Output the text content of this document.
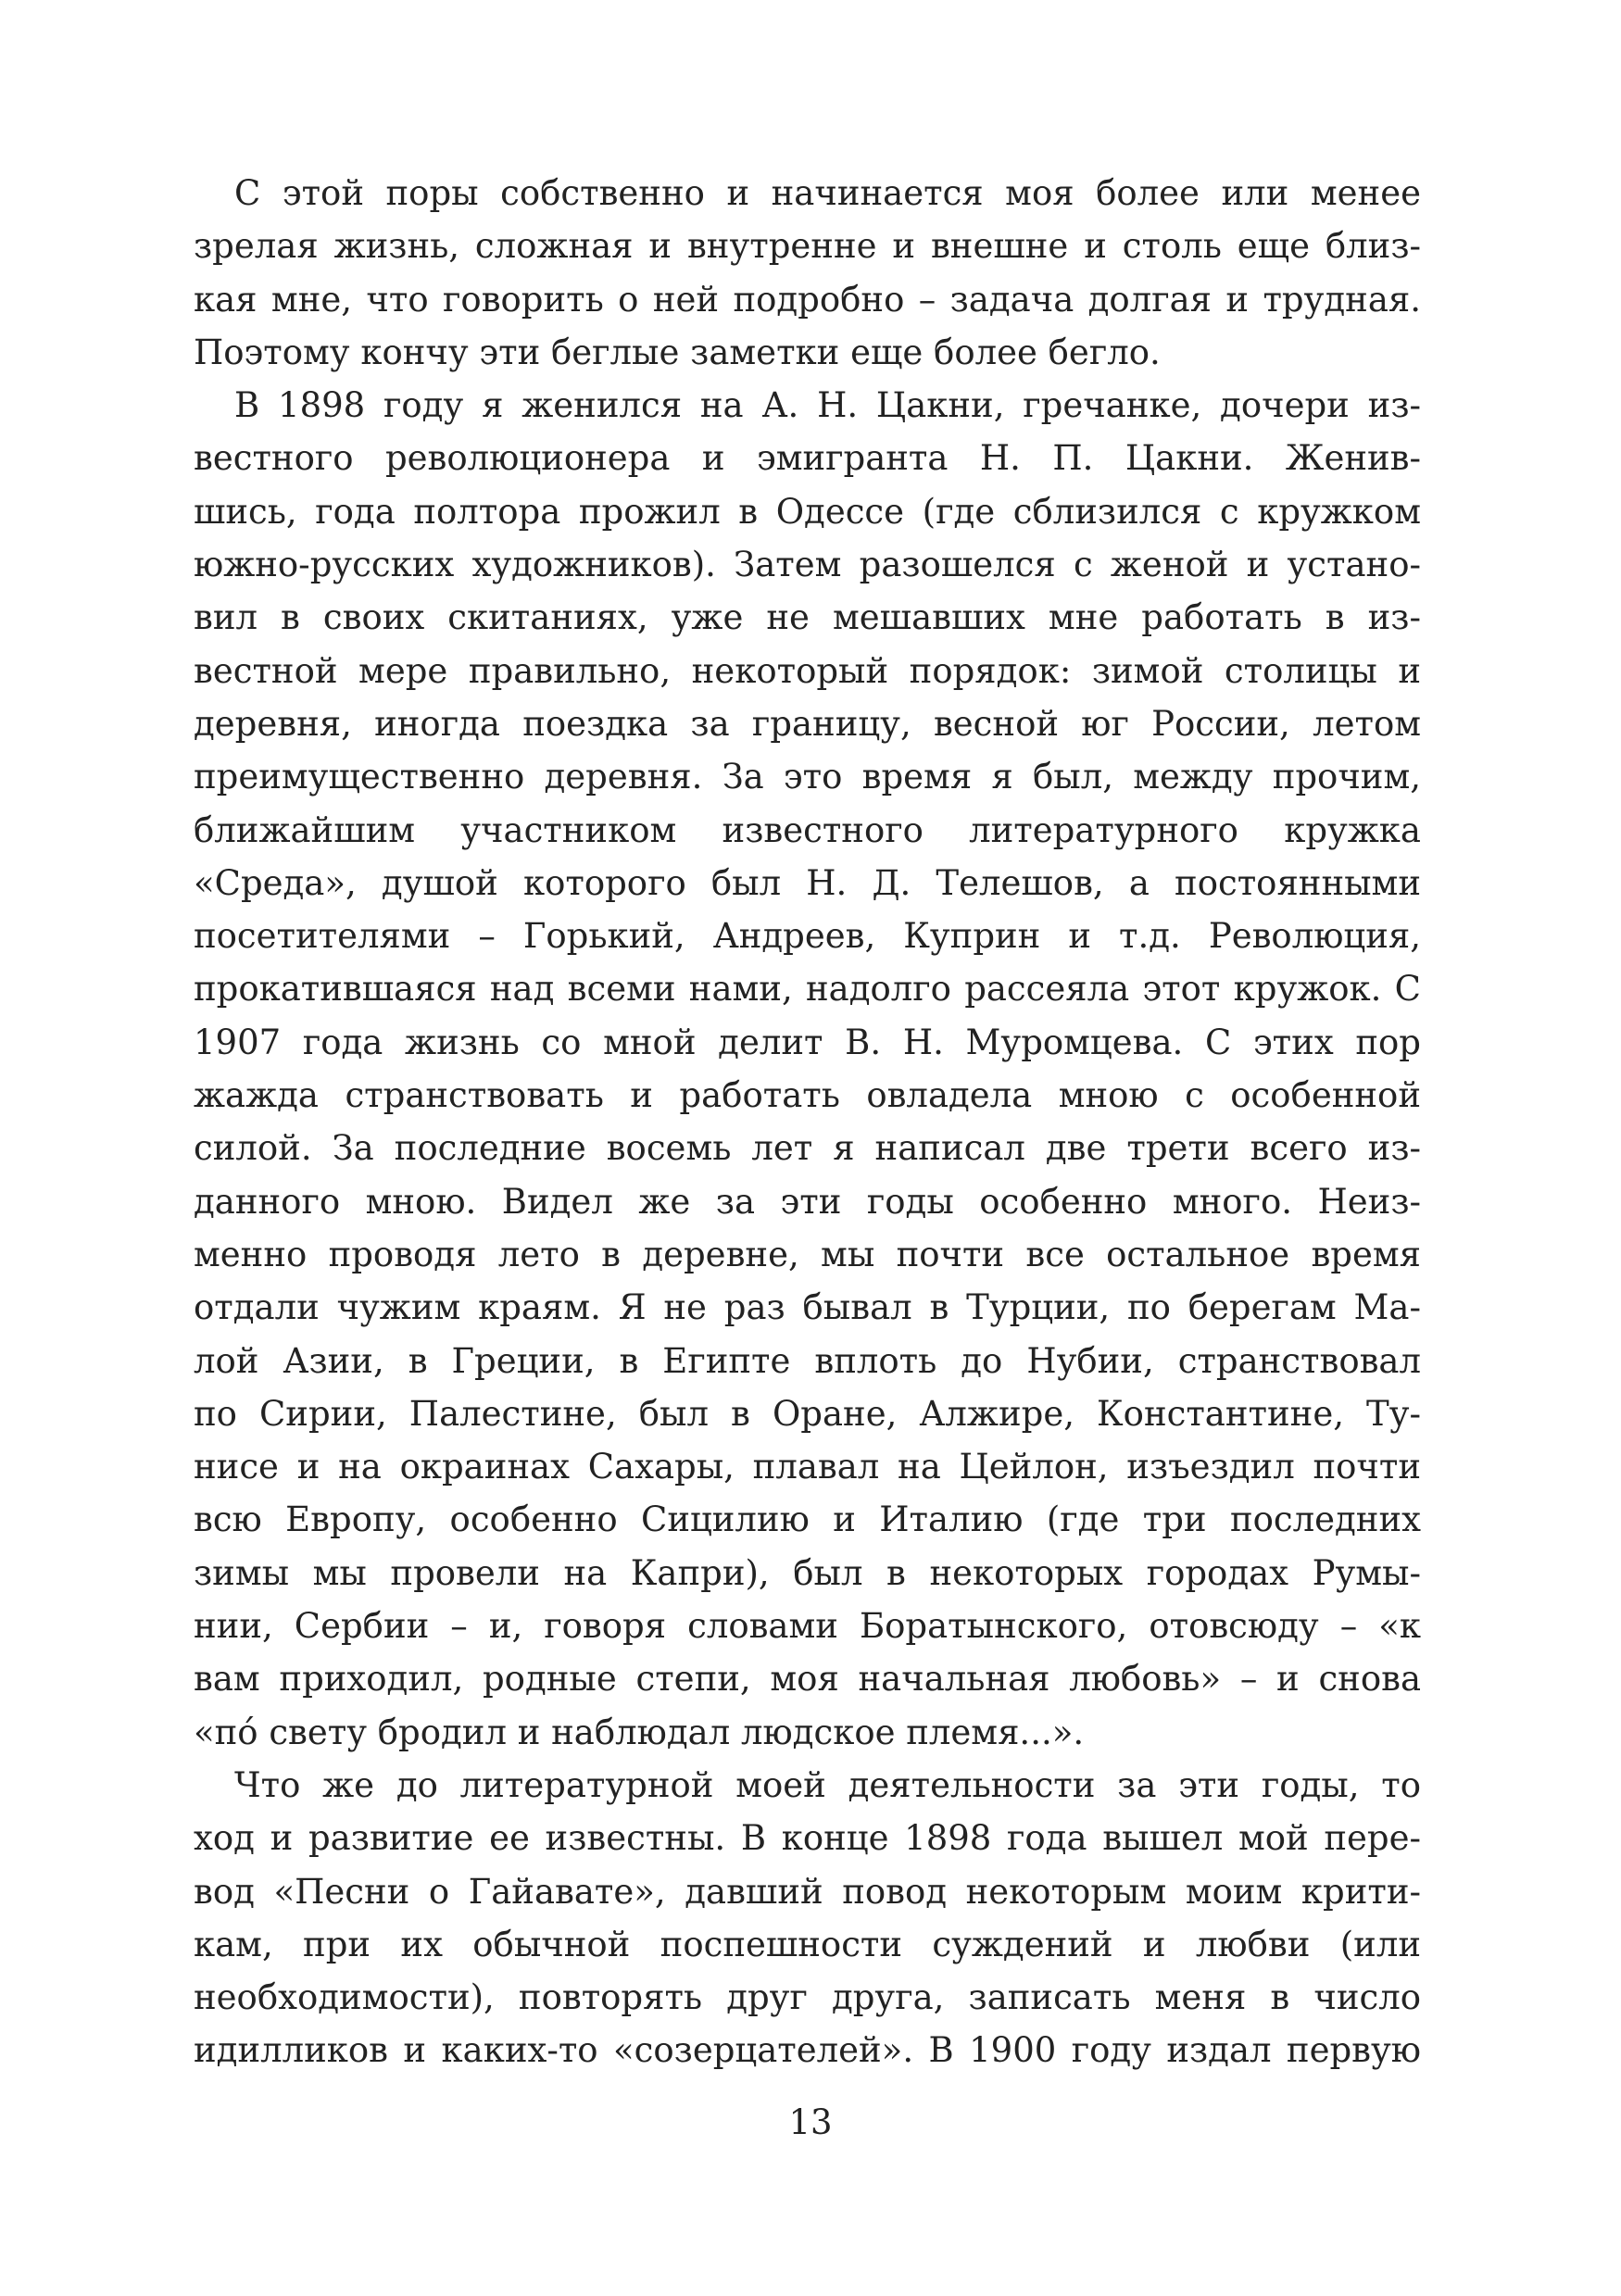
С этой поры собственно и начинается моя более или менее
зрелая жизнь, сложная и внутренне и внешне и столь еще близ-
кая мне, что говорить о ней подробно – задача долгая и трудная.
Поэтому кончу эти беглые заметки еще более бегло.
В 1898 году я женился на А. Н. Цакни, гречанке, дочери из-
вестного революционера и эмигранта Н. П. Цакни. Женив-
шись, года полтора прожил в Одессе (где сблизился с кружком
южно-русских художников). Затем разошелся с женой и устано-
вил в своих скитаниях, уже не мешавших мне работать в из-
вестной мере правильно, некоторый порядок: зимой столицы и
деревня, иногда поездка за границу, весной юг России, летом
преимущественно деревня. За это время я был, между прочим,
ближайшим участником известного литературного кружка
«Среда», душой которого был Н. Д. Телешов, а постоянными
посетителями – Горький, Андреев, Куприн и т.д. Революция,
прокатившаяся над всеми нами, надолго рассеяла этот кружок. С
1907 года жизнь со мной делит В. Н. Муромцева. С этих пор
жажда странствовать и работать овладела мною с особенной
силой. За последние восемь лет я написал две трети всего из-
данного мною. Видел же за эти годы особенно много. Неиз-
менно проводя лето в деревне, мы почти все остальное время
отдали чужим краям. Я не раз бывал в Турции, по берегам Ма-
лой Азии, в Греции, в Египте вплоть до Нубии, странствовал
по Сирии, Палестине, был в Оране, Алжире, Константине, Ту-
нисе и на окраинах Сахары, плавал на Цейлон, изъездил почти
всю Европу, особенно Сицилию и Италию (где три последних
зимы мы провели на Капри), был в некоторых городах Румы-
нии, Сербии – и, говоря словами Боратынского, отовсюду – «к
вам приходил, родные степи, моя начальная любовь» – и снова
«по́ свету бродил и наблюдал людское племя...».
Что же до литературной моей деятельности за эти годы, то
ход и развитие ее известны. В конце 1898 года вышел мой пере-
вод «Песни о Гайавате», давший повод некоторым моим крити-
кам, при их обычной поспешности суждений и любви (или
необходимости), повторять друг друга, записать меня в число
идилликов и каких-то «созерцателей». В 1900 году издал первую
13
